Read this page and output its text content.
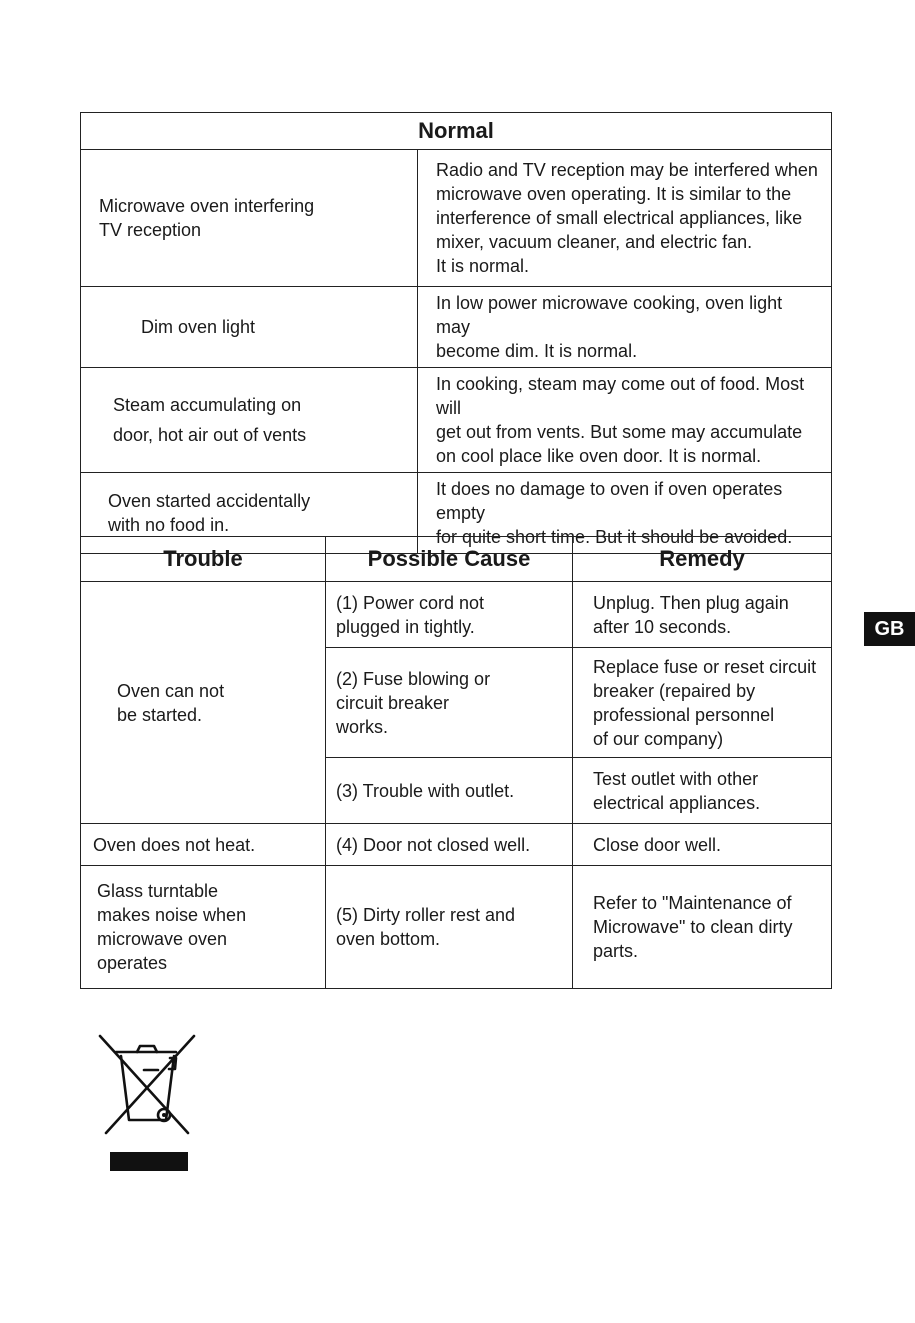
Normal	
Microwave oven interfering
TV reception	Radio and TV reception may be interfered when
microwave oven operating. It is similar to the
interference of small electrical appliances, like
mixer, vacuum cleaner, and electric fan.
It is normal.
Dim oven light	In low power microwave cooking, oven light may
become dim. It is normal.
Steam accumulating on
door, hot air out of vents	In cooking, steam may come out of food. Most will
get out from vents. But some may accumulate
on cool place like oven door. It is normal.
Oven started accidentally
with no food in.	It does no damage to oven if oven operates empty
for quite short time. But it should be avoided.
Trouble	Possible Cause	Remedy
Oven can not
be started.	(1) Power cord not
plugged in tightly.	Unplug. Then plug again
after 10 seconds.
	(2) Fuse blowing or
circuit breaker
works.	Replace fuse or reset circuit
breaker (repaired by
professional personnel
of our company)
	(3) Trouble with outlet.	Test outlet with other
electrical appliances.
Oven does not heat.	(4) Door not closed well.	Close door well.
Glass turntable
makes noise when
microwave oven
operates	(5) Dirty roller rest and
oven bottom.	Refer to "Maintenance of
Microwave" to clean dirty
parts.
GB
